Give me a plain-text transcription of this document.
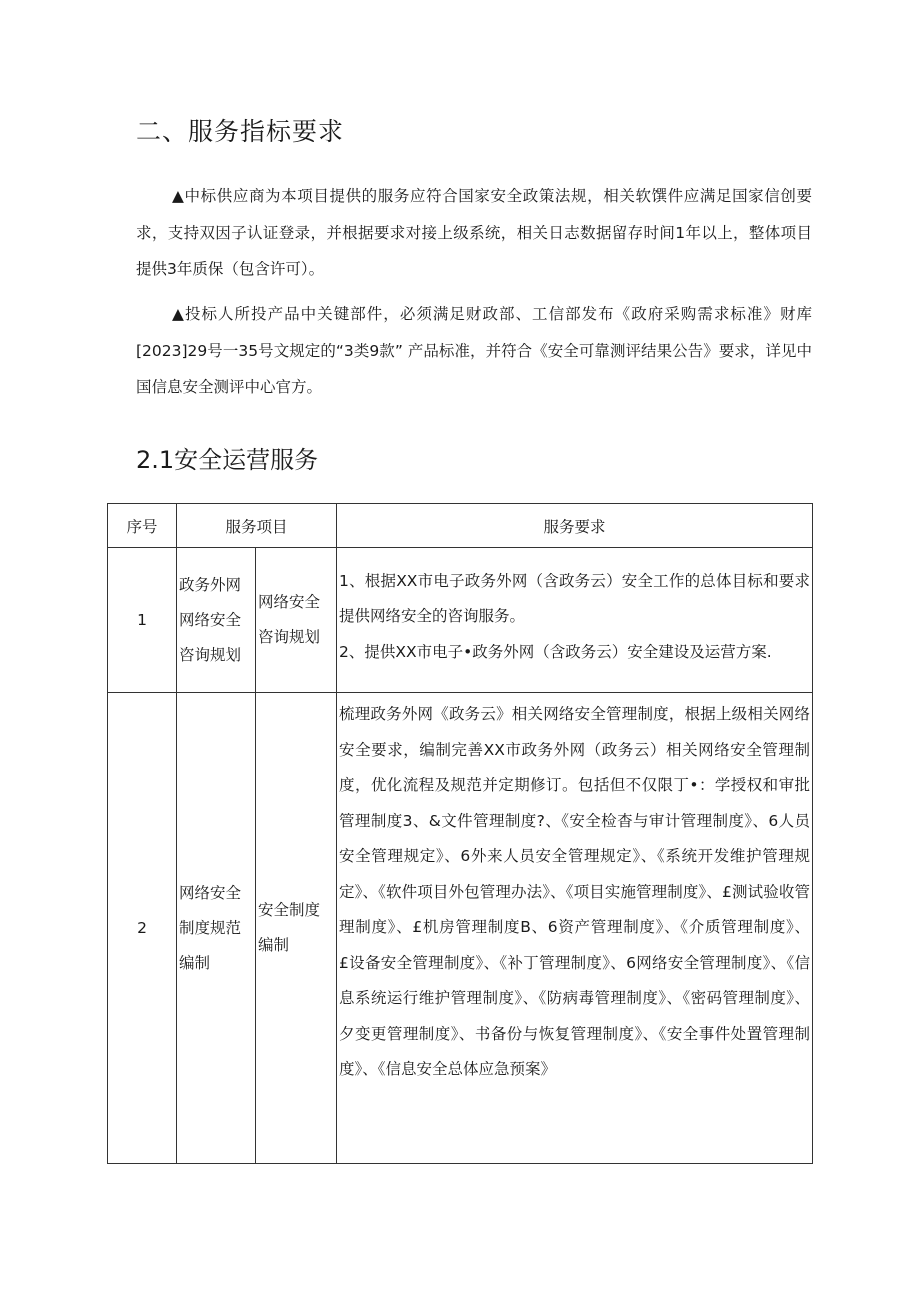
二、服务指标要求

▲中标供应商为本项目提供的服务应符合国家安全政策法规，相关软馔件应满足国家信创要求，支持双因子认证登录，并根据要求对接上级系统，相关日志数据留存时间1年以上，整体项目提供3年质保（包含许可）。

▲投标人所投产品中关键部件，必须满足财政部、工信部发布《政府采购需求标准》财库[2023]29号一35号文规定的“3类9款” 产品标准，并符合《安全可靠测评结果公告》要求，详见中国信息安全测评中心官方。

2.1安全运营服务
序号	服务项目		服务要求
1	政务外网网络安全咨询规划	网络安全咨询规划	1、根据XX市电子政务外网（含政务云）安全工作的总体目标和要求提供网络安全的咨询服务。

2、提供XX市电子•政务外网（含政务云）安全建设及运营方案.

2	网络安全制度规范编制	安全制度编制	梳理政务外网《政务云》相关网络安全管理制度，根据上级相关网络安全要求，编制完善XX市政务外网（政务云）相关网络安全管理制度，优化流程及规范并定期修订。包括但不仅限丁•：学授权和审批管理制度3、&文件管理制度?、《安全检杳与审计管理制度》、6人员安全管理规定》、6外来人员安全管理规定》、《系统开发维护管理规定》、《软件项目外包管理办法》、《项目实施管理制度》、£测试验收管理制度》、£机房管理制度B、6资产管理制度》、《介质管理制度》、£设备安全管理制度》、《补丁管理制度》、6网络安全管理制度》、《信息系统运行维护管理制度》、《防病毒管理制度》、《密码管理制度》、夕变更管理制度》、书备份与恢复管理制度》、《安全事件处置管理制度》、《信息安全总体应急预案》
